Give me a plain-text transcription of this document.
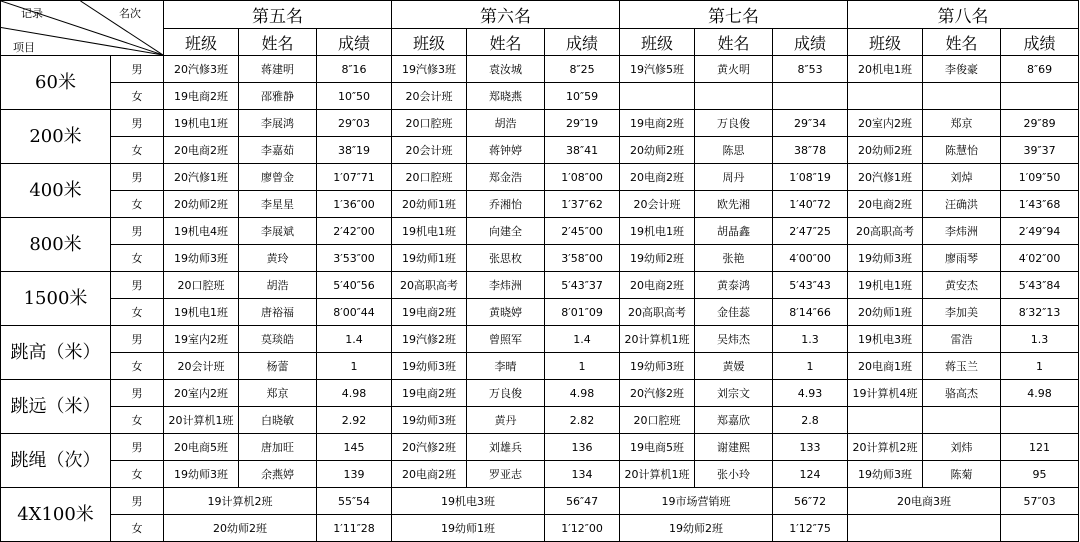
记录 名次
项目		第五名			第六名			第七名			第八名		
		班级	姓名	成绩	班级	姓名	成绩	班级	姓名	成绩	班级	姓名	成绩
60米	男	20汽修3班	蒋建明	8″16	19汽修3班	袁汝城	8″25	19汽修5班	黄火明	8″53	20机电1班	李俊豪	8″69
	女	19电商2班	邵雅静	10″50	20会计班	郑晓燕	10″59						
200米	男	19机电1班	李展鸿	29″03	20口腔班	胡浩	29″19	19电商2班	万良俊	29″34	20室内2班	郑京	29″89
	女	20电商2班	李嘉茹	38″19	20会计班	蒋钟婷	38″41	20幼师2班	陈思	38″78	20幼师2班	陈慧怡	39″37
400米	男	20汽修1班	廖曾金	1′07″71	20口腔班	郑金浩	1′08″00	20电商2班	周丹	1′08″19	20汽修1班	刘焯	1′09″50
	女	20幼师2班	李星星	1′36″00	20幼师1班	乔湘怡	1′37″62	20会计班	欧先湘	1′40″72	20电商2班	汪确洪	1′43″68
800米	男	19机电4班	李展斌	2′42″00	19机电1班	向建全	2′45″00	19机电1班	胡晶鑫	2′47″25	20高职高考	李炜洲	2′49″94
	女	19幼师3班	黄玲	3′53″00	19幼师1班	张思枚	3′58″00	19幼师2班	张艳	4′00″00	19幼师3班	廖雨琴	4′02″00
1500米	男	20口腔班	胡浩	5′40″56	20高职高考	李炜洲	5′43″37	20电商2班	黄泰鸿	5′43″43	19机电1班	黄安杰	5′43″84
	女	19机电1班	唐裕福	8′00″44	19电商2班	黄晓婷	8′01″09	20高职高考	金佳蕊	8′14″66	20幼师1班	李加美	8′32″13
跳高（米）	男	19室内2班	莫琰皓	1.4	19汽修2班	曾照军	1.4	20计算机1班	吴炜杰	1.3	19机电3班	雷浩	1.3
	女	20会计班	杨蕾	1	19幼师3班	李晴	1	19幼师3班	黄媛	1	20电商1班	蒋玉兰	1
跳远（米）	男	20室内2班	郑京	4.98	19电商2班	万良俊	4.98	20汽修2班	刘宗文	4.93	19计算机4班	骆高杰	4.98
	女	20计算机1班	白晓敏	2.92	19幼师3班	黄丹	2.82	20口腔班	郑嘉欣	2.8			
跳绳（次）	男	20电商5班	唐加旺	145	20汽修2班	刘雄兵	136	19电商5班	谢建熙	133	20计算机2班	刘炜	121
	女	19幼师3班	余燕婷	139	20电商2班	罗亚志	134	20计算机1班	张小玲	124	19幼师3班	陈菊	95
4X100米	男	19计算机2班		55″54	19机电3班		56″47	19市场营销班		56″72	20电商3班		57″03
	女	20幼师2班		1′11″28	19幼师1班		1′12″00	19幼师2班		1′12″75			
